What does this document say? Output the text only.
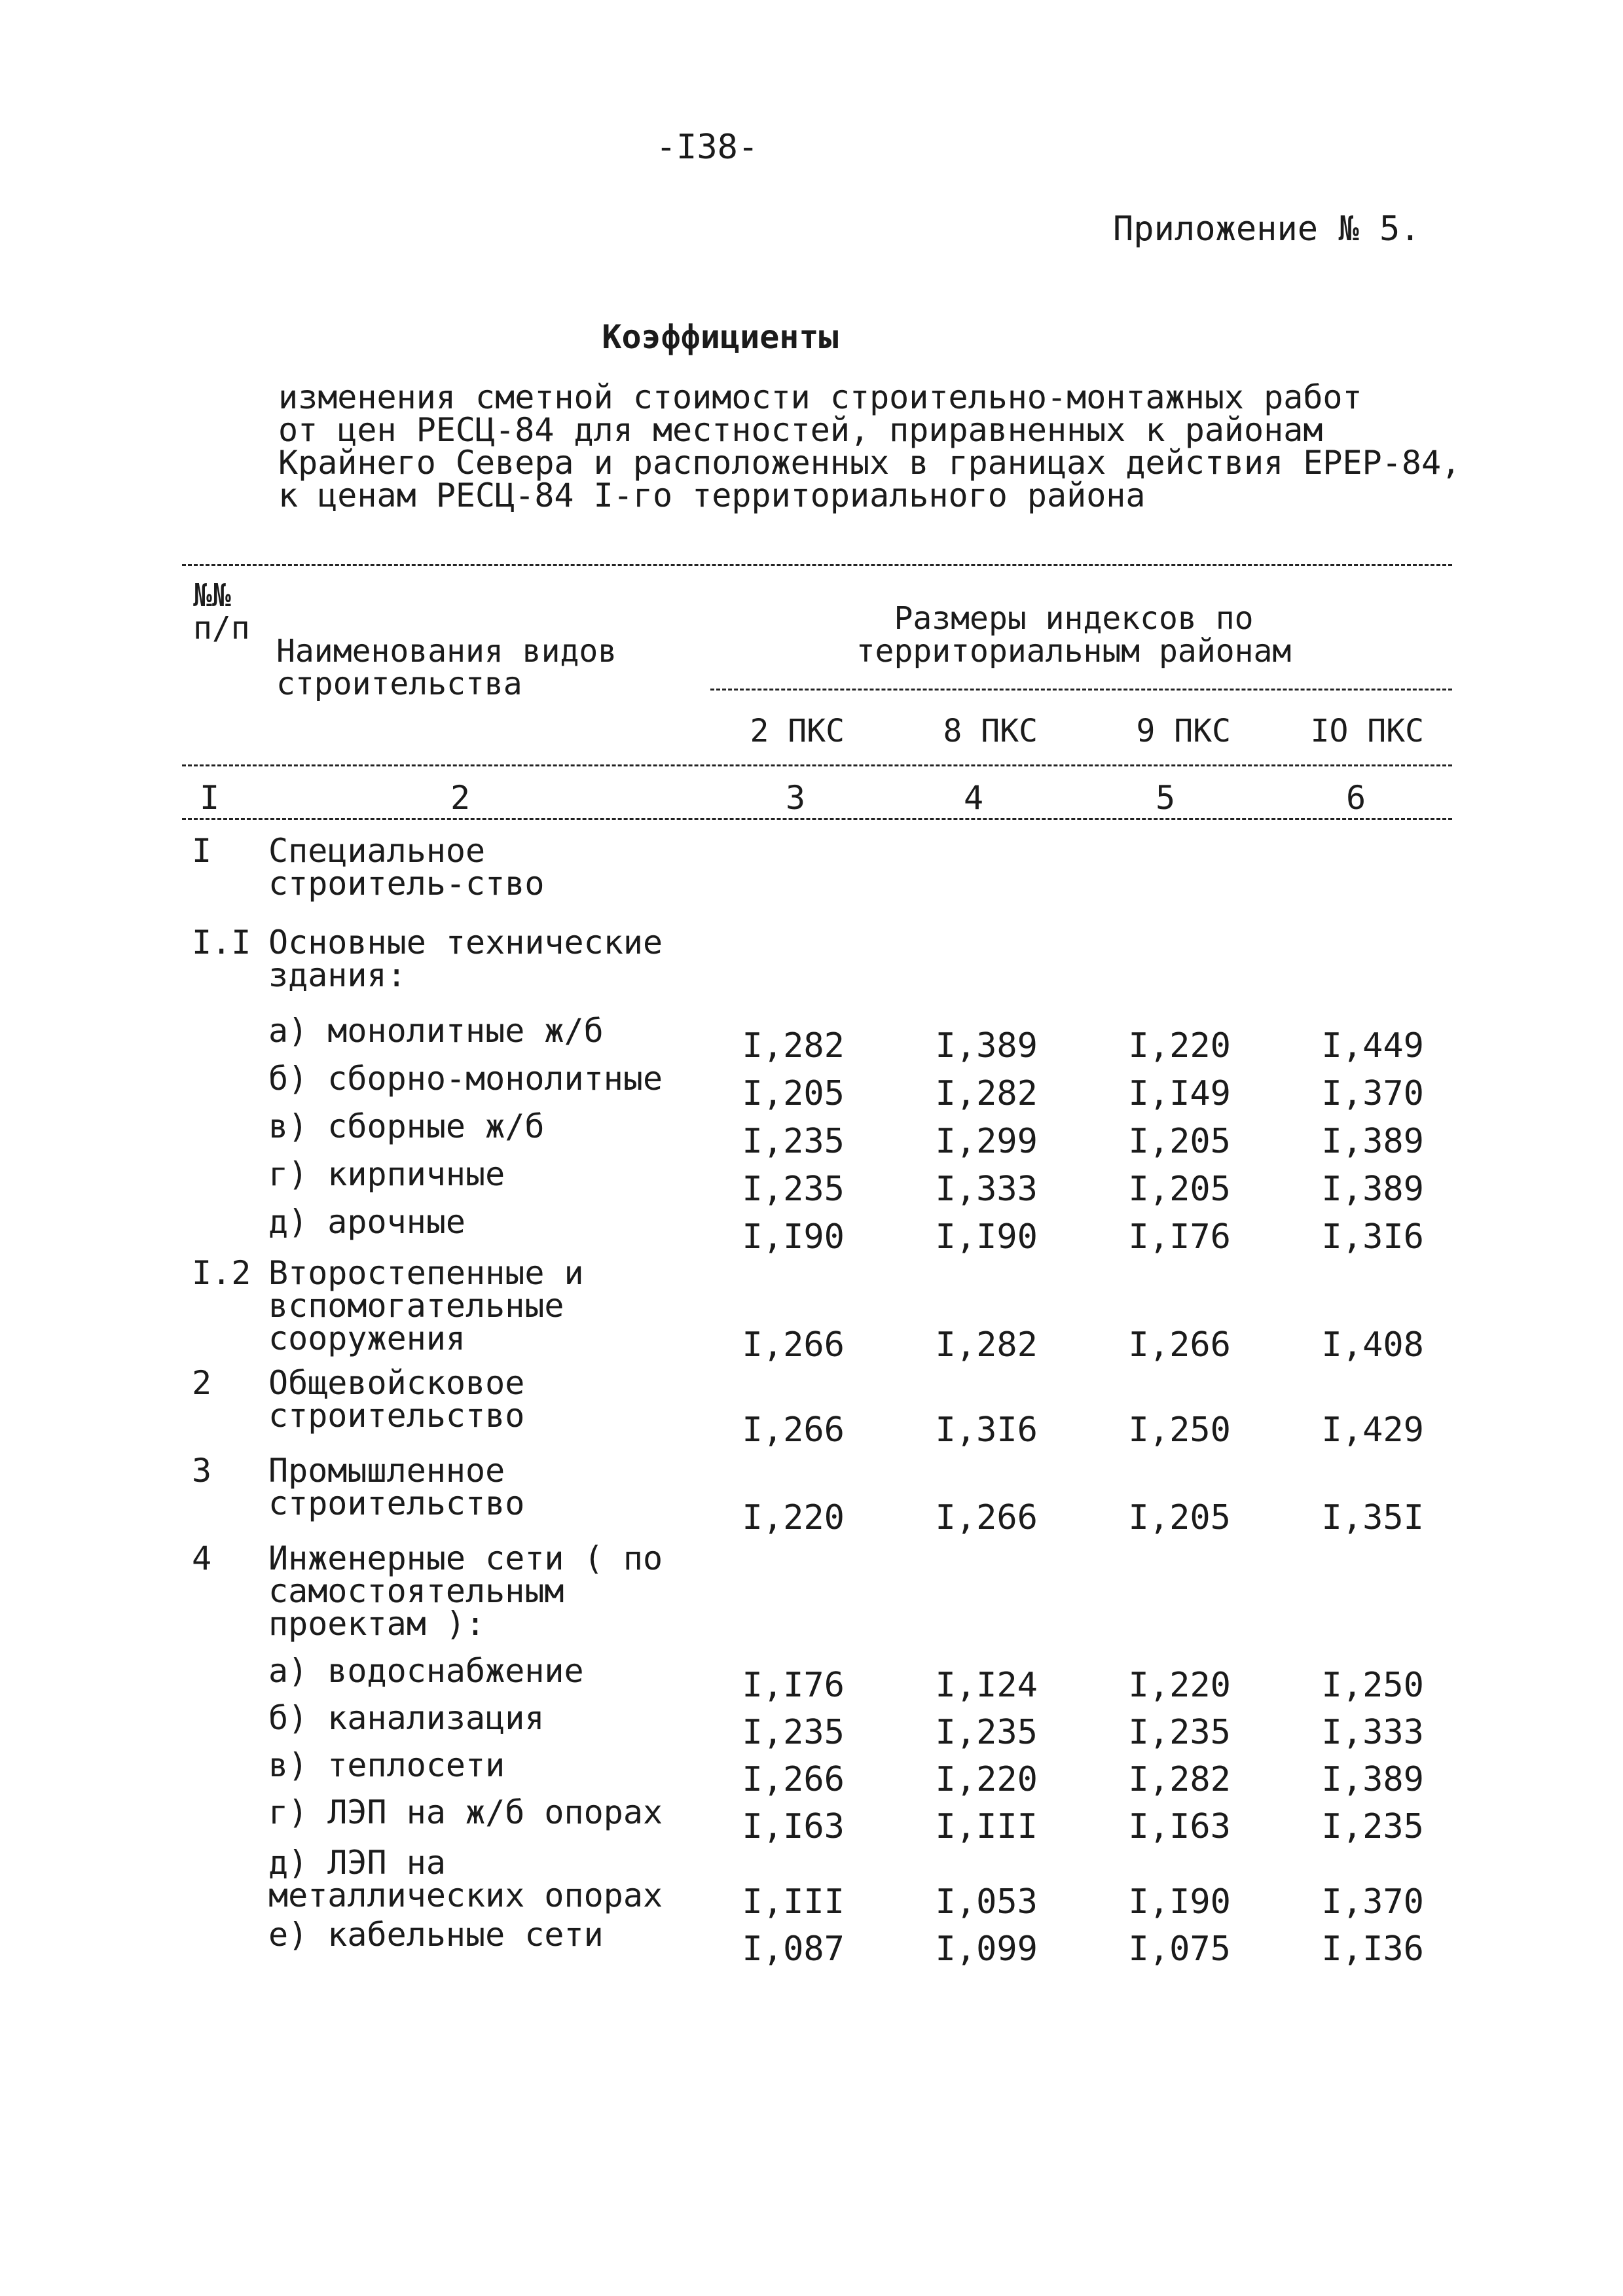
-I38-
Приложение № 5.
Коэффициенты
изменения сметной стоимости строительно-монтажных работ
от цен РЕСЦ-84 для местностей, приравненных к районам
Крайнего Севера и расположенных в границах действия ЕРЕР-84,
к ценам РЕСЦ-84 I-го территориального района
№№ п/п
Наименования видов строительства
Размеры индексов по территориальным районам
2 ПКС	8 ПКС	9 ПКС	IO ПКС
I	2	3	4	5	6
I	Специальное строитель-ство
I.I Основные технические здания:
а) монолитные ж/б	I,282	I,389	I,220	I,449
б) сборно-монолитные	I,205	I,282	I,I49	I,370
в) сборные ж/б	I,235	I,299	I,205	I,389
г) кирпичные	I,235	I,333	I,205	I,389
д) арочные	I,I90	I,I90	I,I76	I,3I6
I.2 Второстепенные и вспомогательные сооружения	I,266	I,282	I,266	I,408
2	Общевойсковое строительство	I,266	I,3I6	I,250	I,429
3	Промышленное строительство	I,220	I,266	I,205	I,35I
4	Инженерные сети ( по самостоятельным проектам ):
а) водоснабжение	I,I76	I,I24	I,220	I,250
б) канализация	I,235	I,235	I,235	I,333
в) теплосети	I,266	I,220	I,282	I,389
г) ЛЭП на ж/б опорах	I,I63	I,III	I,I63	I,235
д) ЛЭП на металлических опорах	I,III	I,053	I,I90	I,370
е) кабельные сети	I,087	I,099	I,075	I,I36
